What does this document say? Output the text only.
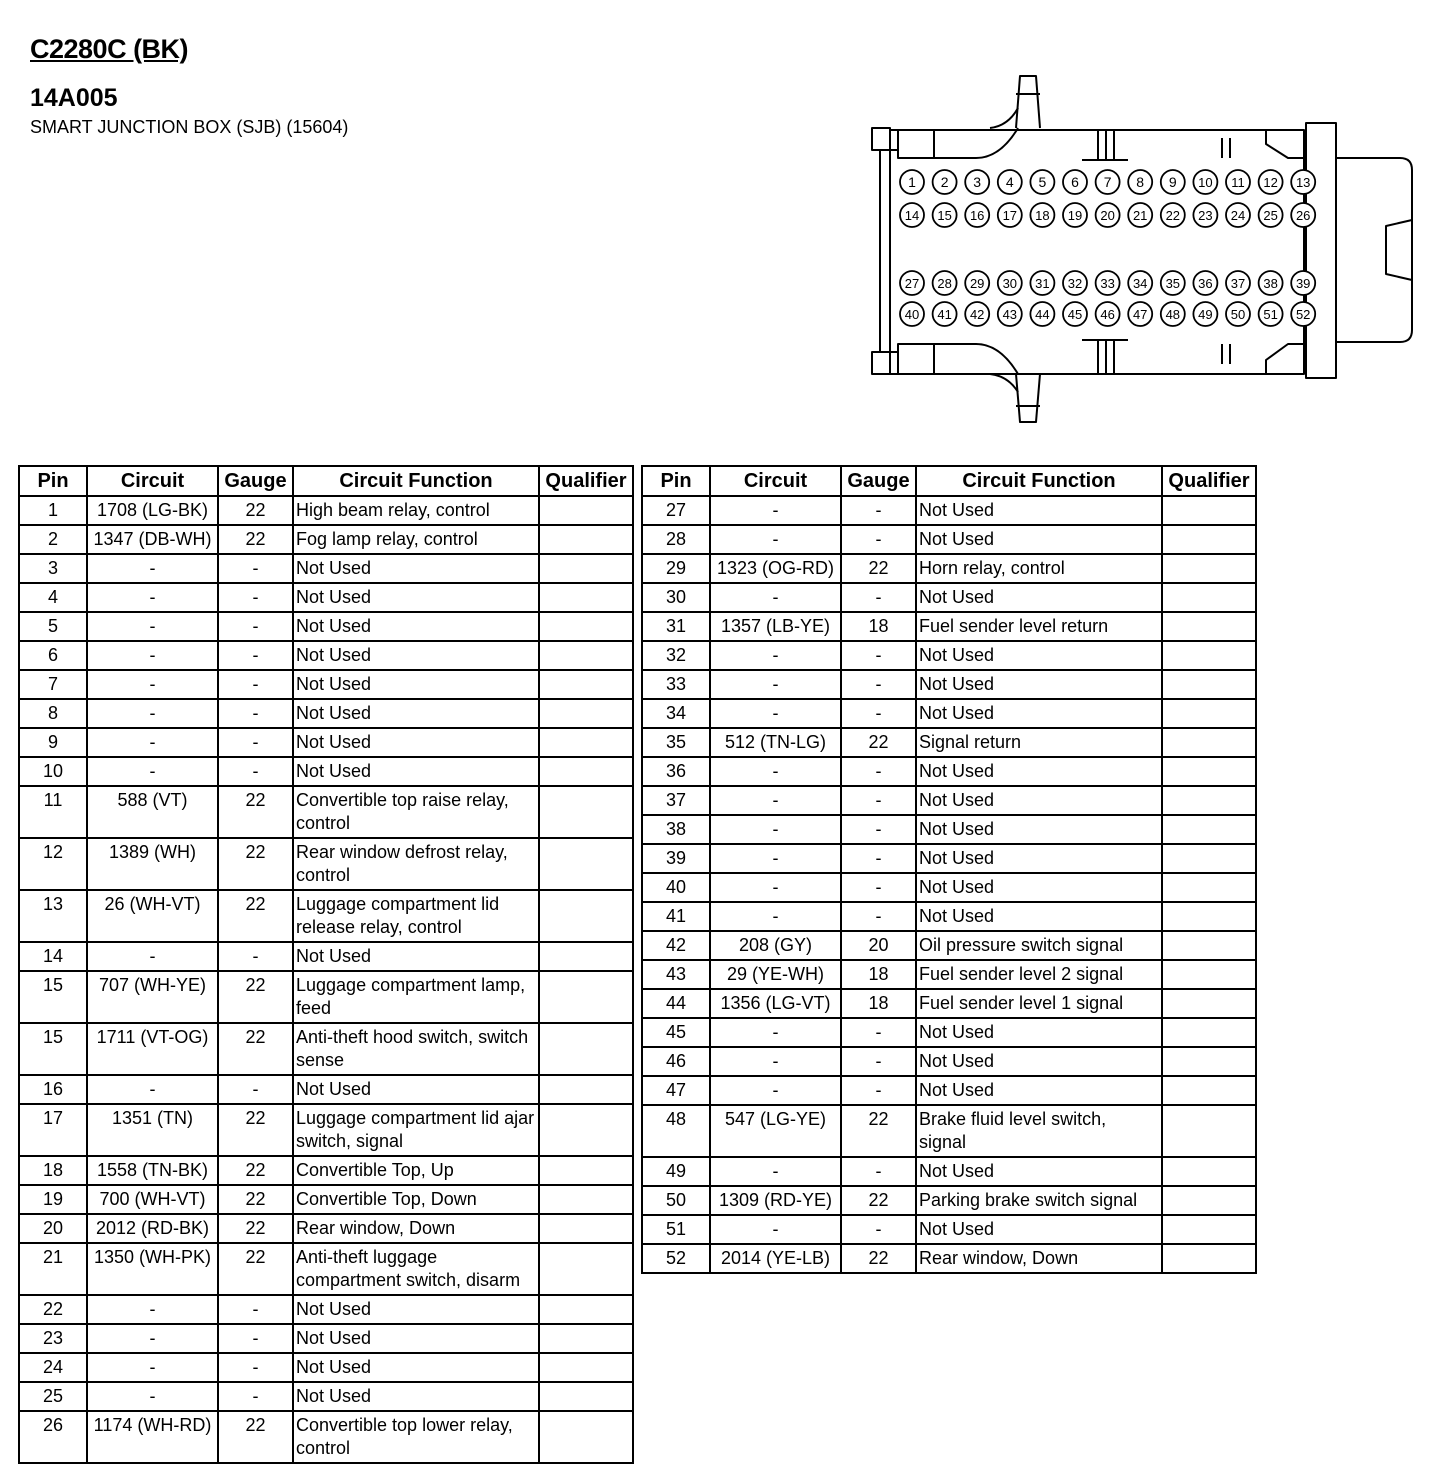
C2280C (BK)
14A005
SMART JUNCTION BOX (SJB) (15604)
1 2 3 4 5 6 7 8 9 10 11 12 13
14 15 16 17 18 19 20 21 22 23 24 25 26
27 28 29 30 31 32 33 34 35 36 37 38 39
40 41 42 43 44 45 46 47 48 49 50 51 52
Pin	Circuit	Gauge	Circuit Function	Qualifier
1	1708 (LG-BK)	22	High beam relay, control	
2	1347 (DB-WH)	22	Fog lamp relay, control	
3	-	-	Not Used	
4	-	-	Not Used	
5	-	-	Not Used	
6	-	-	Not Used	
7	-	-	Not Used	
8	-	-	Not Used	
9	-	-	Not Used	
10	-	-	Not Used	
11	588 (VT)	22	Convertible top raise relay, control	
12	1389 (WH)	22	Rear window defrost relay, control	
13	26 (WH-VT)	22	Luggage compartment lid release relay, control	
14	-	-	Not Used	
15	707 (WH-YE)	22	Luggage compartment lamp, feed	
15	1711 (VT-OG)	22	Anti-theft hood switch, switch sense	
16	-	-	Not Used	
17	1351 (TN)	22	Luggage compartment lid ajar switch, signal	
18	1558 (TN-BK)	22	Convertible Top, Up	
19	700 (WH-VT)	22	Convertible Top, Down	
20	2012 (RD-BK)	22	Rear window, Down	
21	1350 (WH-PK)	22	Anti-theft luggage compartment switch, disarm	
22	-	-	Not Used	
23	-	-	Not Used	
24	-	-	Not Used	
25	-	-	Not Used	
26	1174 (WH-RD)	22	Convertible top lower relay, control	
Pin	Circuit	Gauge	Circuit Function	Qualifier
27	-	-	Not Used	
28	-	-	Not Used	
29	1323 (OG-RD)	22	Horn relay, control	
30	-	-	Not Used	
31	1357 (LB-YE)	18	Fuel sender level return	
32	-	-	Not Used	
33	-	-	Not Used	
34	-	-	Not Used	
35	512 (TN-LG)	22	Signal return	
36	-	-	Not Used	
37	-	-	Not Used	
38	-	-	Not Used	
39	-	-	Not Used	
40	-	-	Not Used	
41	-	-	Not Used	
42	208 (GY)	20	Oil pressure switch signal	
43	29 (YE-WH)	18	Fuel sender level 2 signal	
44	1356 (LG-VT)	18	Fuel sender level 1 signal	
45	-	-	Not Used	
46	-	-	Not Used	
47	-	-	Not Used	
48	547 (LG-YE)	22	Brake fluid level switch, signal	
49	-	-	Not Used	
50	1309 (RD-YE)	22	Parking brake switch signal	
51	-	-	Not Used	
52	2014 (YE-LB)	22	Rear window, Down	
